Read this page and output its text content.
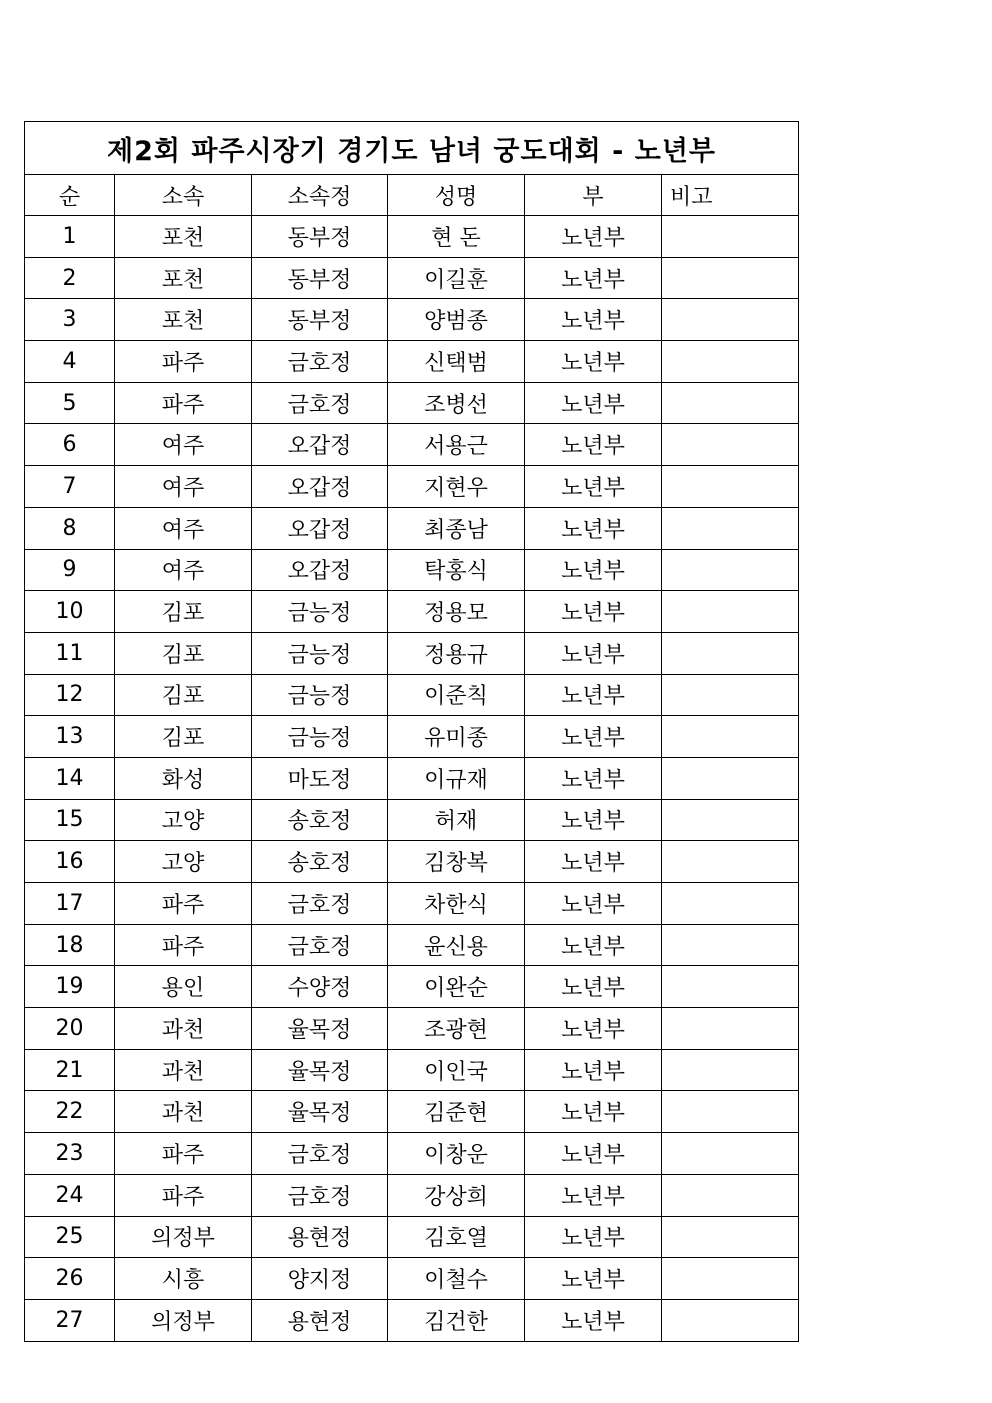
제2회 파주시장기 경기도 남녀 궁도대회 - 노년부					
순	소속	소속정	성명	부	비고
1	포천	동부정	현 돈	노년부	
2	포천	동부정	이길훈	노년부	
3	포천	동부정	양범종	노년부	
4	파주	금호정	신택범	노년부	
5	파주	금호정	조병선	노년부	
6	여주	오갑정	서용근	노년부	
7	여주	오갑정	지현우	노년부	
8	여주	오갑정	최종남	노년부	
9	여주	오갑정	탁홍식	노년부	
10	김포	금능정	정용모	노년부	
11	김포	금능정	정용규	노년부	
12	김포	금능정	이준칙	노년부	
13	김포	금능정	유미종	노년부	
14	화성	마도정	이규재	노년부	
15	고양	송호정	허재	노년부	
16	고양	송호정	김창복	노년부	
17	파주	금호정	차한식	노년부	
18	파주	금호정	윤신용	노년부	
19	용인	수양정	이완순	노년부	
20	과천	율목정	조광현	노년부	
21	과천	율목정	이인국	노년부	
22	과천	율목정	김준현	노년부	
23	파주	금호정	이창운	노년부	
24	파주	금호정	강상희	노년부	
25	의정부	용현정	김호열	노년부	
26	시흥	양지정	이철수	노년부	
27	의정부	용현정	김건한	노년부	
